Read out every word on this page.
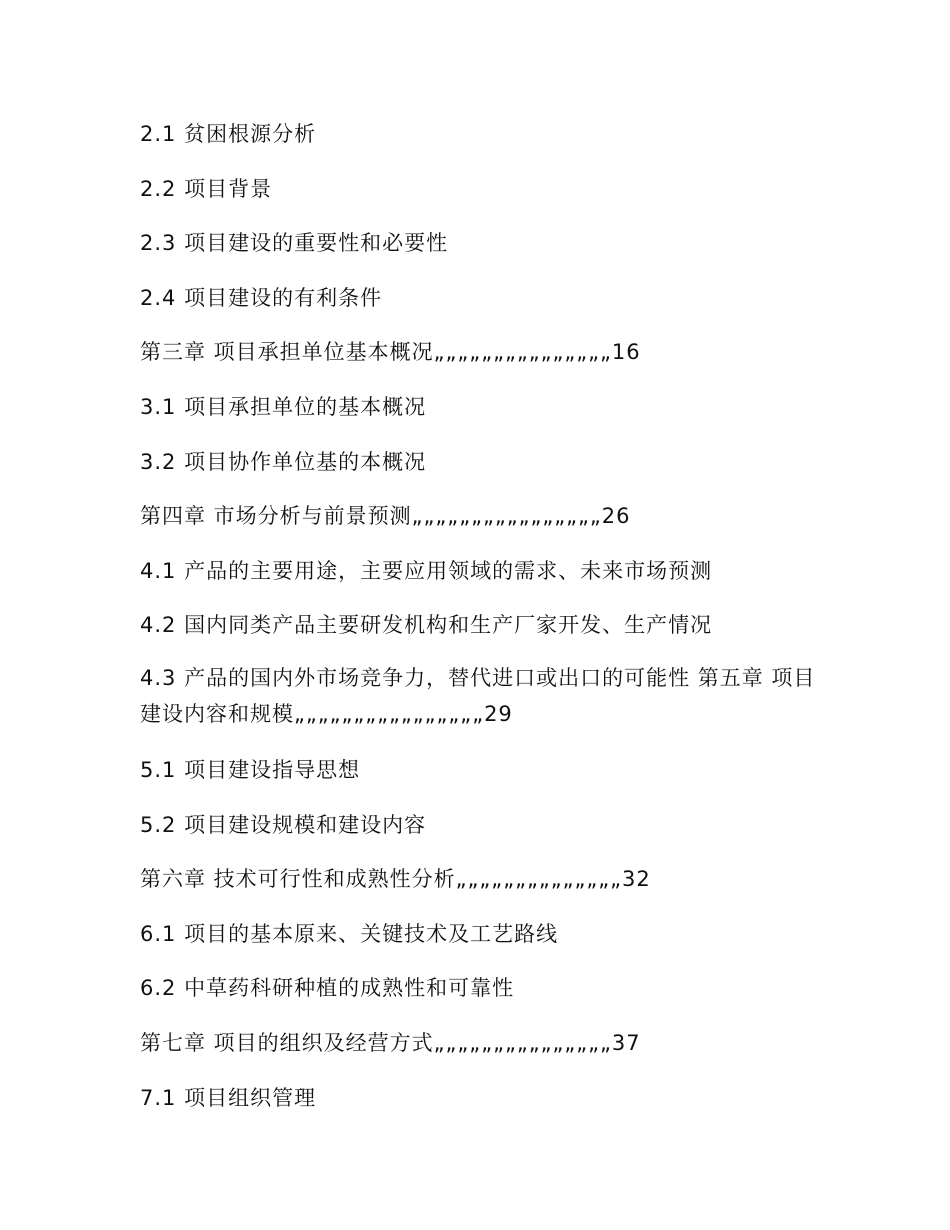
2.1 贫困根源分析
2.2 项目背景
2.3 项目建设的重要性和必要性
2.4 项目建设的有利条件
第三章 项目承担单位基本概况„„„„„„„„„„„„„„„16
3.1 项目承担单位的基本概况
3.2 项目协作单位基的本概况
第四章 市场分析与前景预测„„„„„„„„„„„„„„„„26
4.1 产品的主要用途，主要应用领域的需求、未来市场预测
4.2 国内同类产品主要研发机构和生产厂家开发、生产情况
4.3 产品的国内外市场竞争力，替代进口或出口的可能性 第五章 项目建设内容和规模„„„„„„„„„„„„„„„„29
5.1 项目建设指导思想
5.2 项目建设规模和建设内容
第六章 技术可行性和成熟性分析„„„„„„„„„„„„„„32
6.1 项目的基本原来、关键技术及工艺路线
6.2 中草药科研种植的成熟性和可靠性
第七章 项目的组织及经营方式„„„„„„„„„„„„„„„37
7.1 项目组织管理
